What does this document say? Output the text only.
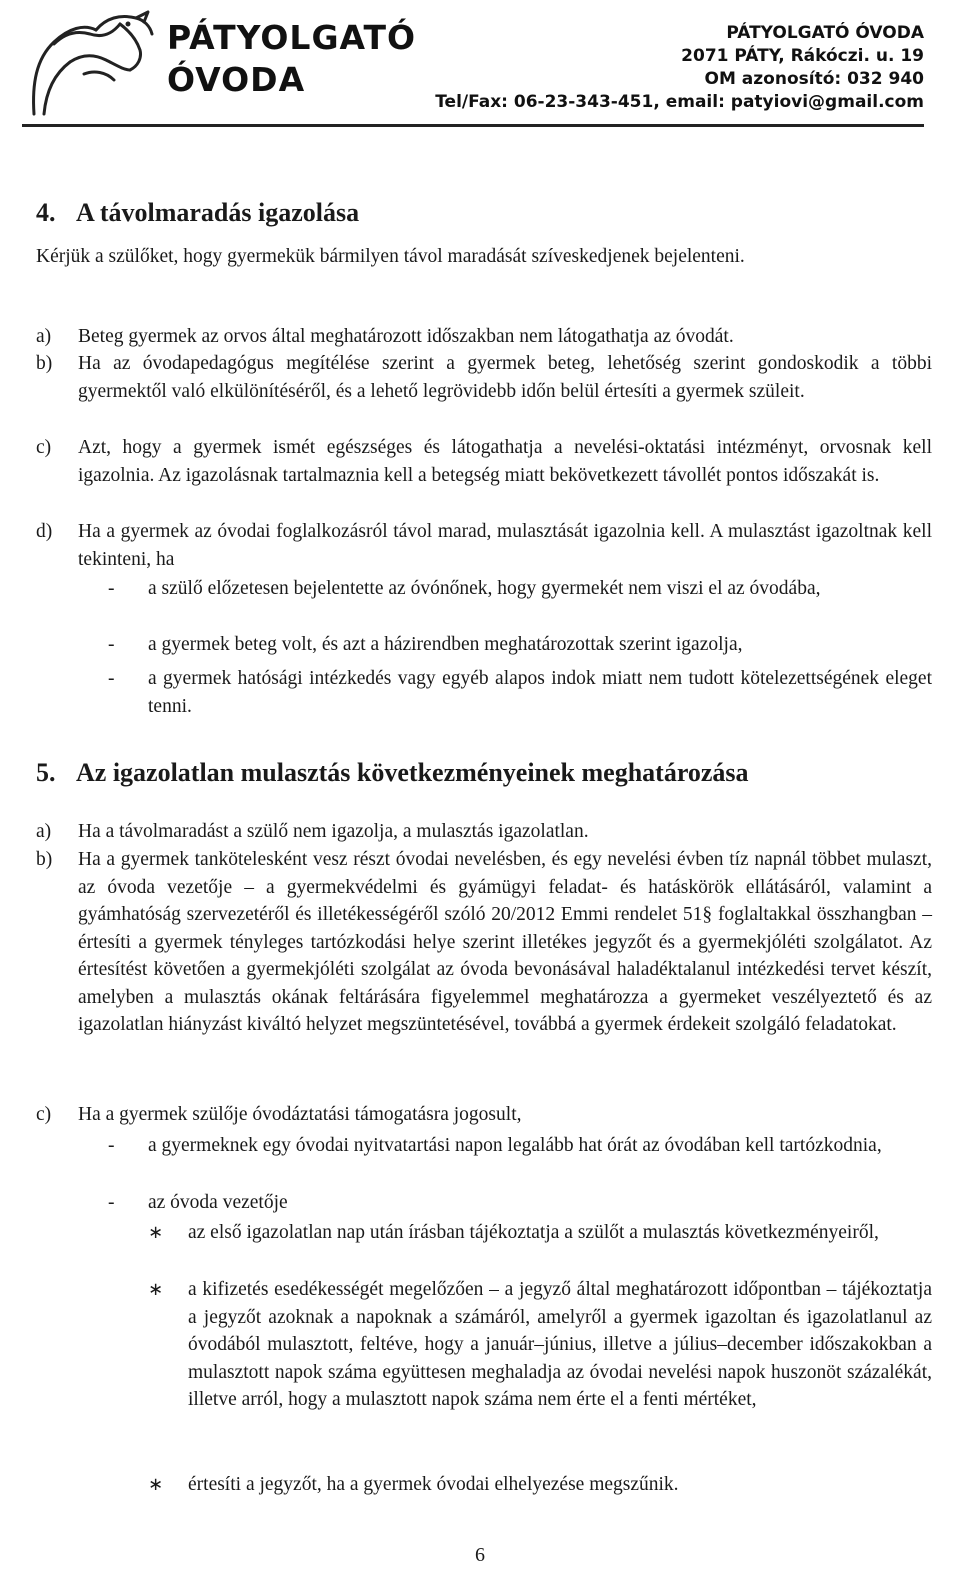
PÁTYOLGATÓ
ÓVODA
PÁTYOLGATÓ ÓVODA
2071 PÁTY, Rákóczi. u. 19
OM azonosító: 032 940
Tel/Fax: 06-23-343-451, email: patyiovi@gmail.com
4. A távolmaradás igazolása
Kérjük a szülőket, hogy gyermekük bármilyen távol maradását szíveskedjenek bejelenteni.
a) Beteg gyermek az orvos által meghatározott időszakban nem látogathatja az óvodát.
b) Ha az óvodapedagógus megítélése szerint a gyermek beteg, lehetőség szerint gondoskodik a többi gyermektől való elkülönítéséről, és a lehető legrövidebb időn belül értesíti a gyermek szüleit.
c) Azt, hogy a gyermek ismét egészséges és látogathatja a nevelési-oktatási intézményt, orvosnak kell igazolnia. Az igazolásnak tartalmaznia kell a betegség miatt bekövetkezett távollét pontos időszakát is.
d) Ha a gyermek az óvodai foglalkozásról távol marad, mulasztását igazolnia kell. A mulasztást igazoltnak kell tekinteni, ha
- a szülő előzetesen bejelentette az óvónőnek, hogy gyermekét nem viszi el az óvodába,
- a gyermek beteg volt, és azt a házirendben meghatározottak szerint igazolja,
- a gyermek hatósági intézkedés vagy egyéb alapos indok miatt nem tudott kötelezettségének eleget tenni.
5. Az igazolatlan mulasztás következményeinek meghatározása
a) Ha a távolmaradást a szülő nem igazolja, a mulasztás igazolatlan.
b) Ha a gyermek tankötelesként vesz részt óvodai nevelésben, és egy nevelési évben tíz napnál többet mulaszt, az óvoda vezetője – a gyermekvédelmi és gyámügyi feladat- és hatáskörök ellátásáról, valamint a gyámhatóság szervezetéről és illetékességéről szóló 20/2012 Emmi rendelet 51§ foglaltakkal összhangban – értesíti a gyermek tényleges tartózkodási helye szerint illetékes jegyzőt és a gyermekjóléti szolgálatot. Az értesítést követően a gyermekjóléti szolgálat az óvoda bevonásával haladéktalanul intézkedési tervet készít, amelyben a mulasztás okának feltárására figyelemmel meghatározza a gyermeket veszélyeztető és az igazolatlan hiányzást kiváltó helyzet megszüntetésével, továbbá a gyermek érdekeit szolgáló feladatokat.
c) Ha a gyermek szülője óvodáztatási támogatásra jogosult,
- a gyermeknek egy óvodai nyitvatartási napon legalább hat órát az óvodában kell tartózkodnia,
- az óvoda vezetője
∗ az első igazolatlan nap után írásban tájékoztatja a szülőt a mulasztás következményeiről,
∗ a kifizetés esedékességét megelőzően – a jegyző által meghatározott időpontban – tájékoztatja a jegyzőt azoknak a napoknak a számáról, amelyről a gyermek igazoltan és igazolatlanul az óvodából mulasztott, feltéve, hogy a január–június, illetve a július–december időszakokban a mulasztott napok száma együttesen meghaladja az óvodai nevelési napok huszonöt százalékát, illetve arról, hogy a mulasztott napok száma nem érte el a fenti mértéket,
∗ értesíti a jegyzőt, ha a gyermek óvodai elhelyezése megszűnik.
6
